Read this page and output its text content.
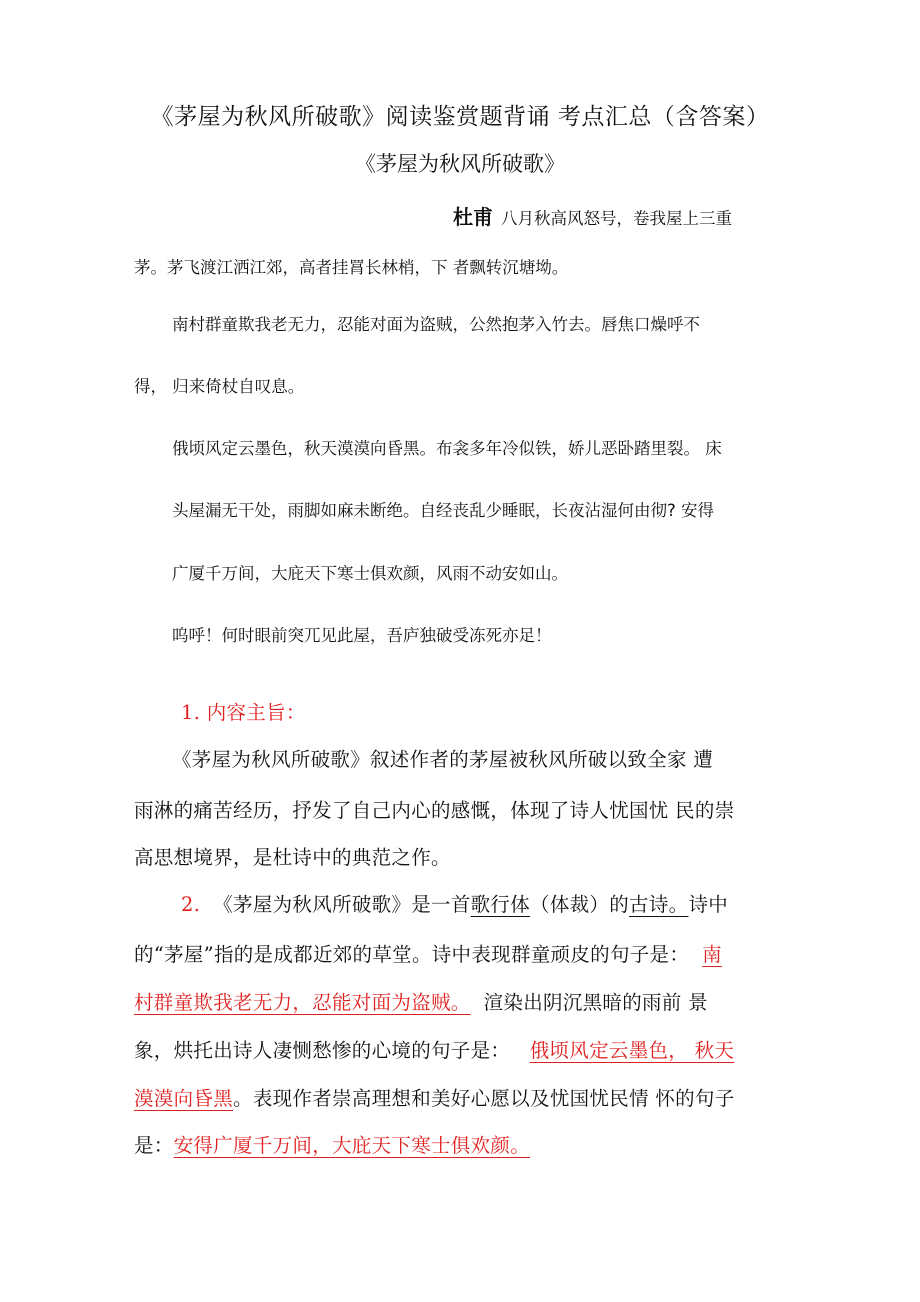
《茅屋为秋风所破歌》阅读鉴赏题背诵 考点汇总（含答案）
《茅屋为秋风所破歌》
杜甫 八月秋高风怒号，卷我屋上三重
茅。茅飞渡江洒江郊，高者挂罥长林梢，下 者飘转沉塘坳。
南村群童欺我老无力，忍能对面为盗贼，公然抱茅入竹去。唇焦口燥呼不
得， 归来倚杖自叹息。
俄顷风定云墨色，秋天漠漠向昏黑。布衾多年冷似铁，娇儿恶卧踏里裂。 床
头屋漏无干处，雨脚如麻未断绝。自经丧乱少睡眠，长夜沾湿何由彻? 安得
广厦千万间，大庇天下寒士俱欢颜，风雨不动安如山。
呜呼！何时眼前突兀见此屋，吾庐独破受冻死亦足！
1. 内容主旨：
《茅屋为秋风所破歌》叙述作者的茅屋被秋风所破以致全家 遭
雨淋的痛苦经历，抒发了自己内心的感慨，体现了诗人忧国忧 民的崇
高思想境界，是杜诗中的典范之作。
2. 《茅屋为秋风所破歌》是一首歌行体（体裁）的古诗。诗中
的“茅屋”指的是成都近郊的草堂。诗中表现群童顽皮的句子是： 南
村群童欺我老无力，忍能对面为盗贼。 渲染出阴沉黑暗的雨前 景
象，烘托出诗人凄恻愁惨的心境的句子是： 俄顷风定云墨色， 秋天
漠漠向昏黑。表现作者崇高理想和美好心愿以及忧国忧民情 怀的句子
是：安得广厦千万间，大庇天下寒士俱欢颜。
